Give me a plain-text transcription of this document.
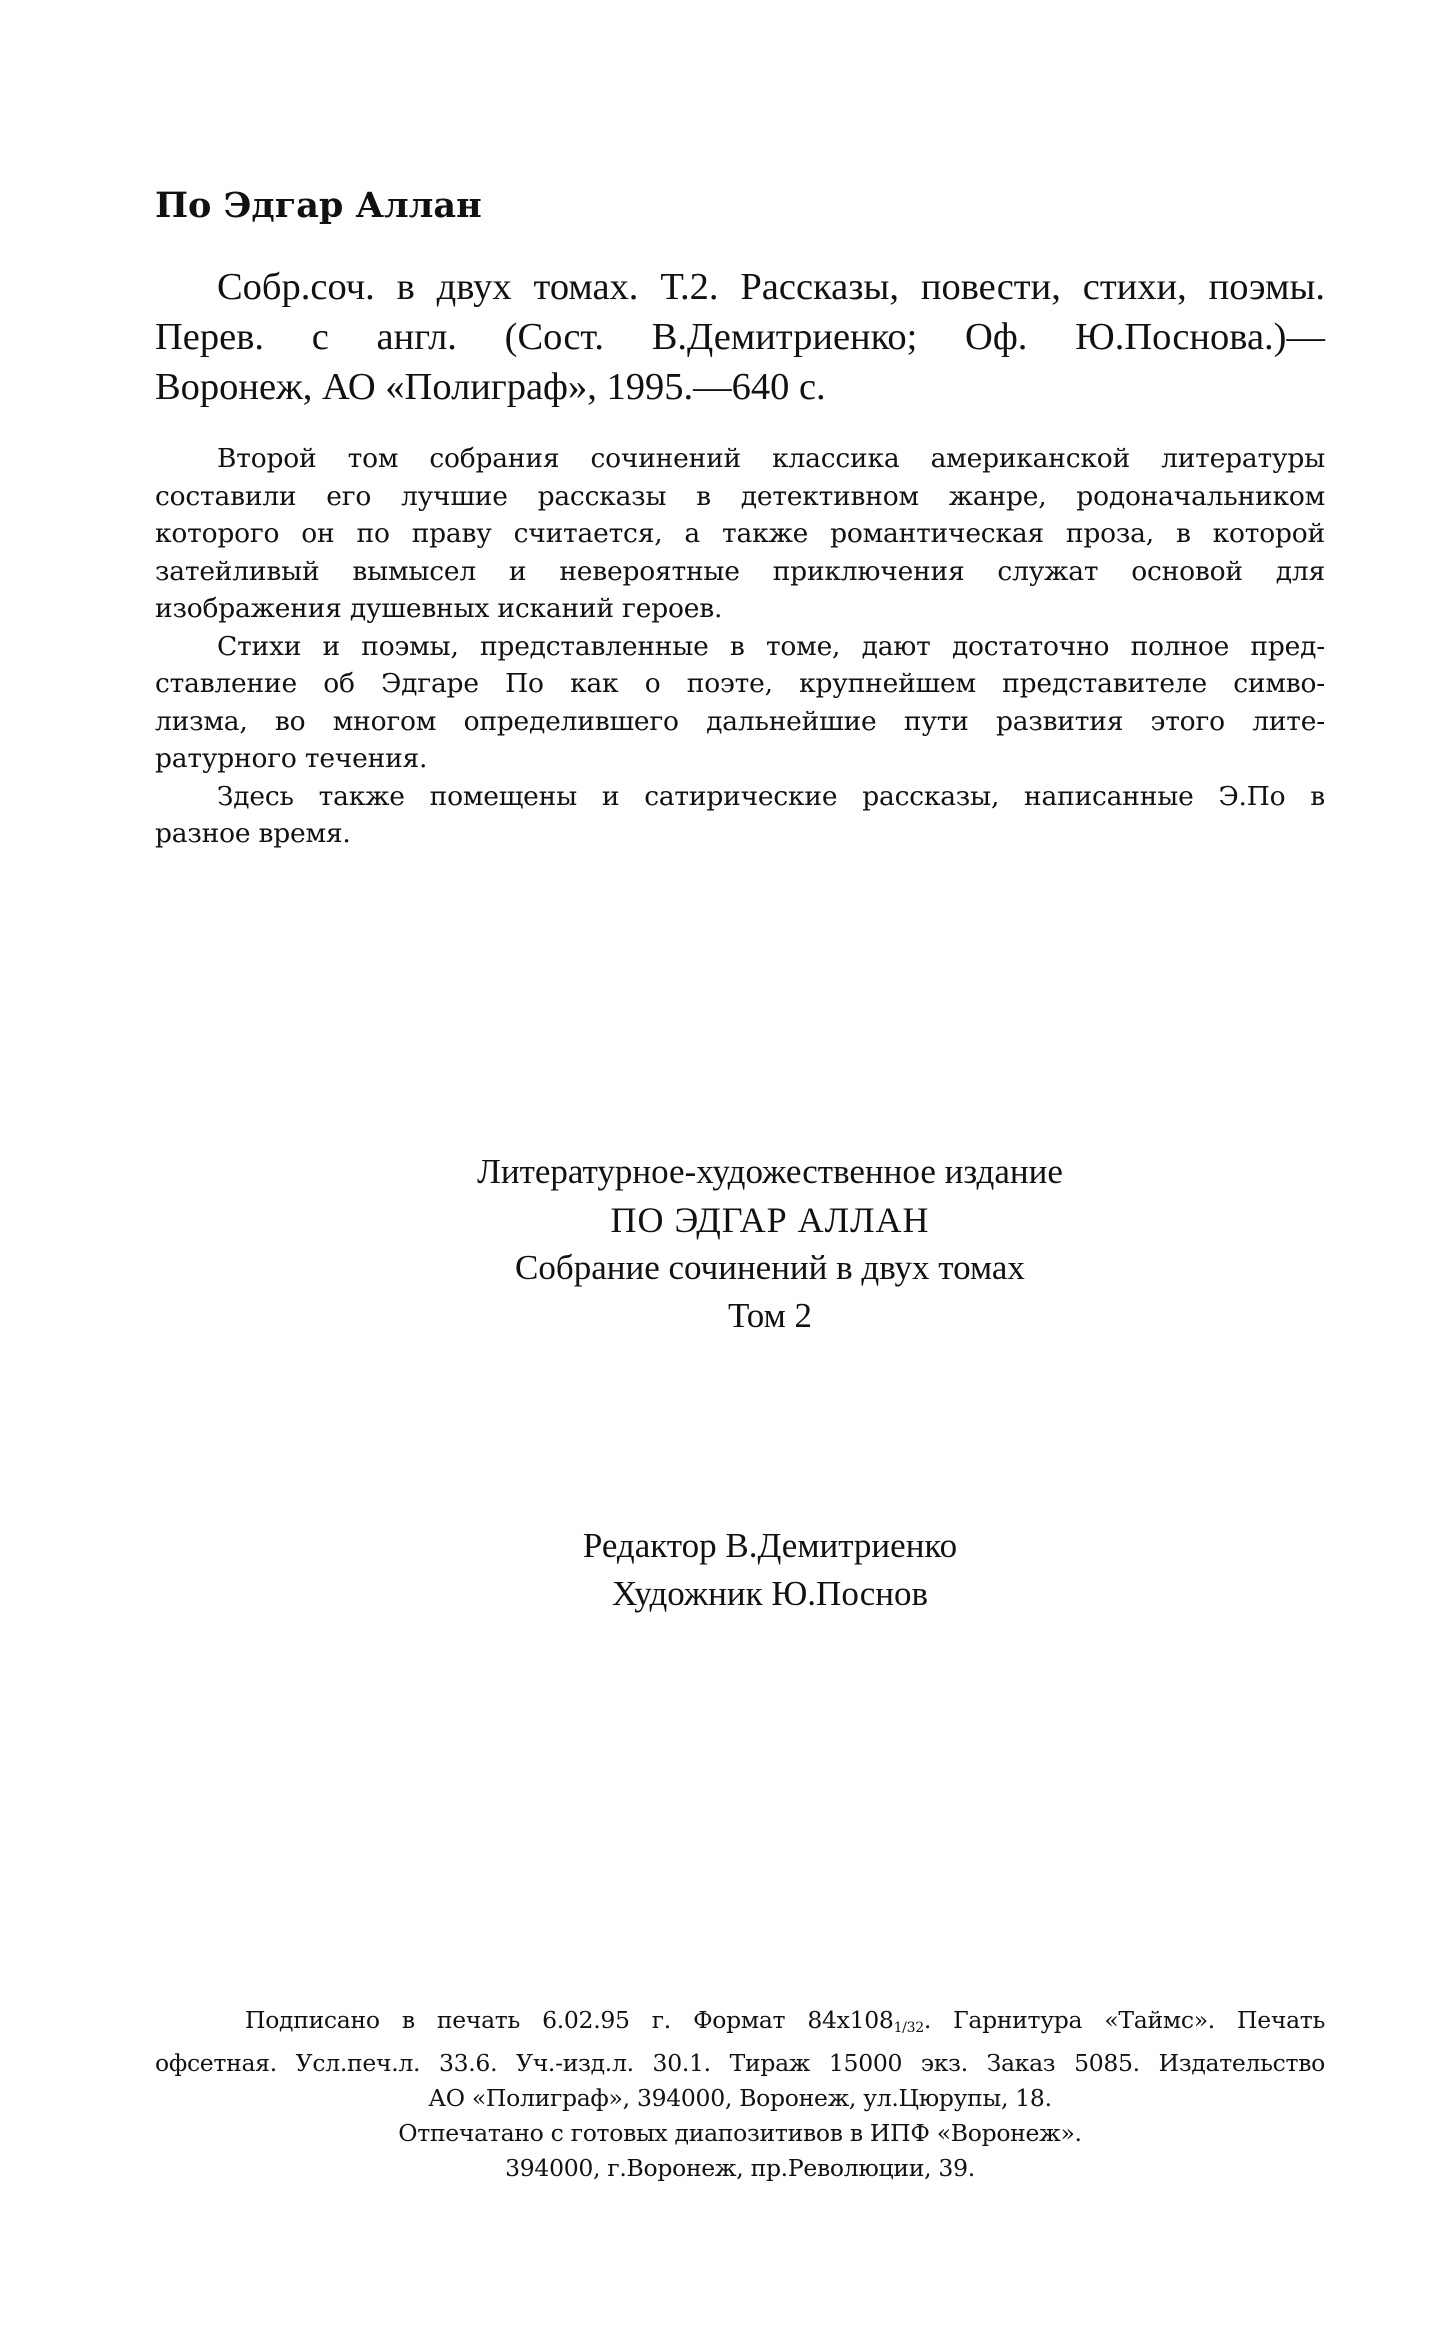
По Эдгар Аллан
Собр.соч. в двух томах. Т.2. Рассказы, повести, стихи, поэмы.
Перев. с англ. (Сост. В.Демитриенко; Оф. Ю.Поснова.)—
Воронеж, АО «Полиграф», 1995.—640 с.
Второй том собрания сочинений классика американской литературы
составили его лучшие рассказы в детективном жанре, родоначальником
которого он по праву считается, а также романтическая проза, в которой
затейливый вымысел и невероятные приключения служат основой для
изображения душевных исканий героев.
Стихи и поэмы, представленные в томе, дают достаточно полное пред-
ставление об Эдгаре По как о поэте, крупнейшем представителе симво-
лизма, во многом определившего дальнейшие пути развития этого лите-
ратурного течения.
Здесь также помещены и сатирические рассказы, написанные Э.По в
разное время.
Литературное-художественное издание
ПО ЭДГАР АЛЛАН
Собрание сочинений в двух томах
Том 2
Редактор В.Демитриенко
Художник Ю.Поснов
Подписано в печать 6.02.95 г. Формат $84х108_{1/32}$. Гарнитура «Таймс». Печать
офсетная. Усл.печ.л. 33.6. Уч.-изд.л. 30.1. Тираж 15000 экз. Заказ 5085. Издательство
АО «Полиграф», 394000, Воронеж, ул.Цюрупы, 18.
Отпечатано с готовых диапозитивов в ИПФ «Воронеж».
394000, г.Воронеж, пр.Революции, 39.
